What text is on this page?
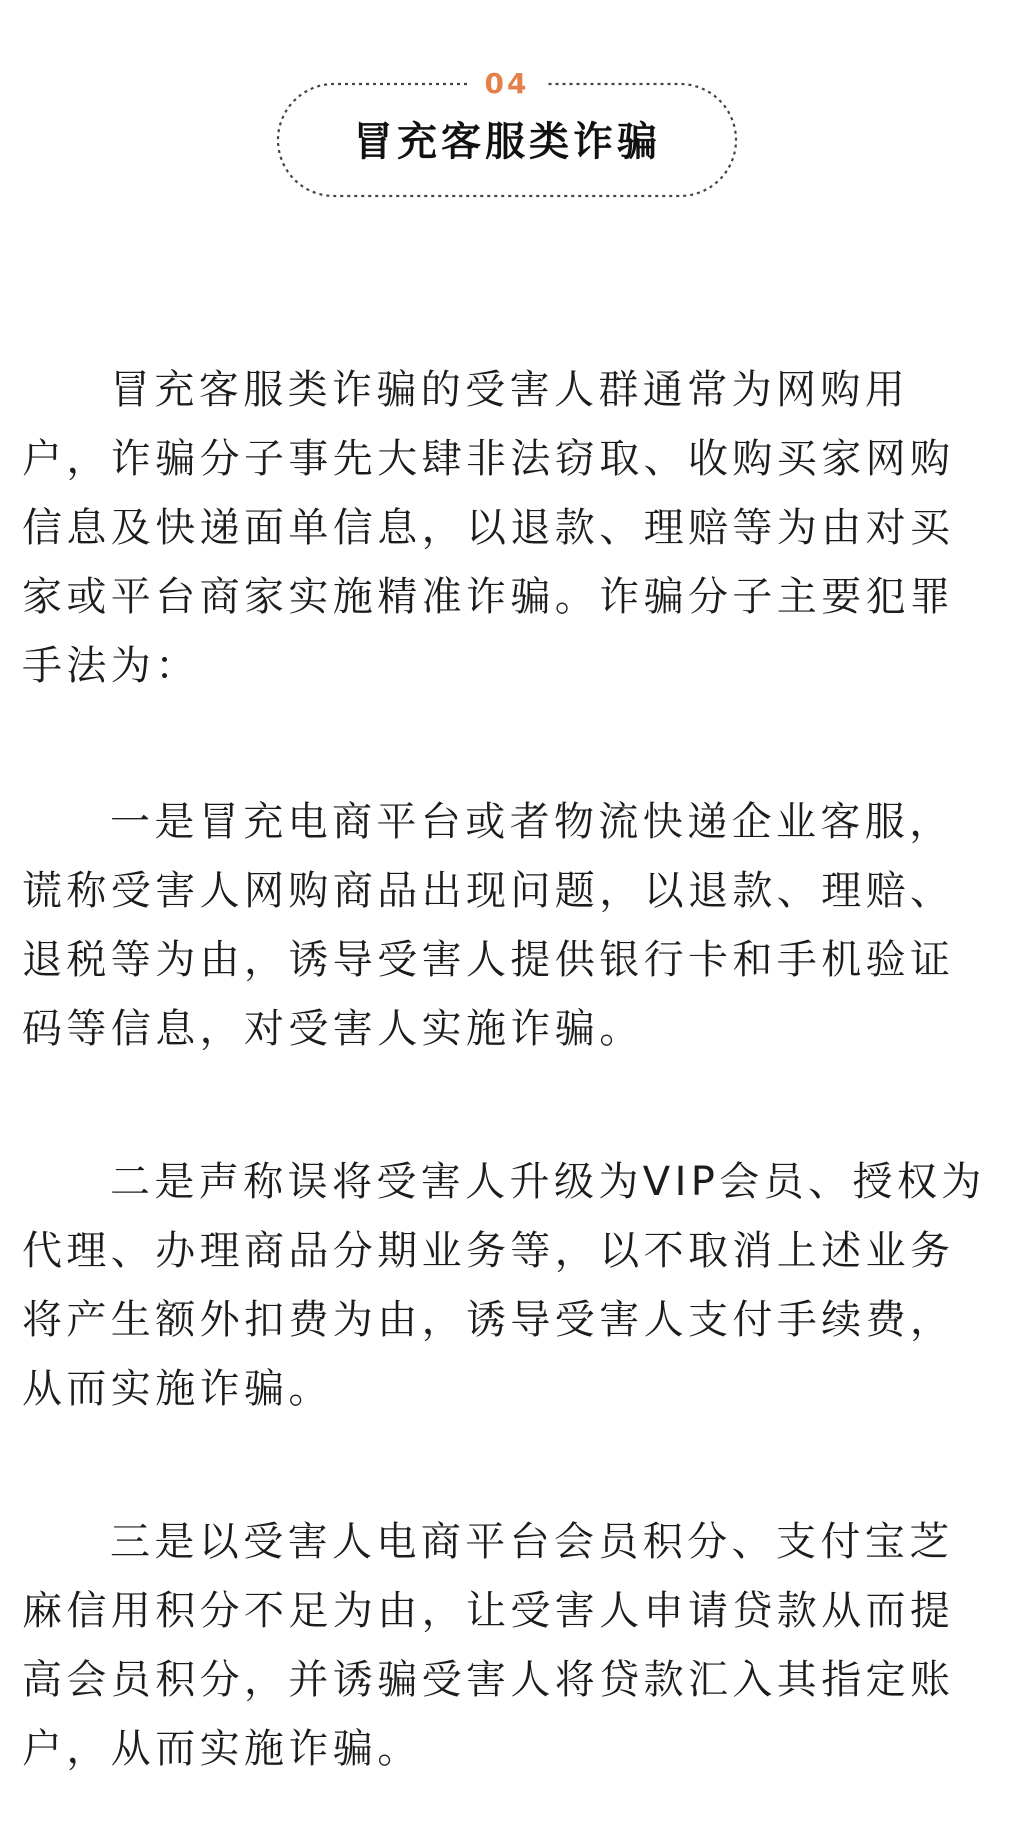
04
冒充客服类诈骗

冒充客服类诈骗的受害人群通常为网购用户，诈骗分子事先大肆非法窃取、收购买家网购信息及快递面单信息，以退款、理赔等为由对买家或平台商家实施精准诈骗。诈骗分子主要犯罪手法为：

一是冒充电商平台或者物流快递企业客服，谎称受害人网购商品出现问题，以退款、理赔、退税等为由，诱导受害人提供银行卡和手机验证码等信息，对受害人实施诈骗。

二是声称误将受害人升级为VIP会员、授权为代理、办理商品分期业务等，以不取消上述业务将产生额外扣费为由，诱导受害人支付手续费，从而实施诈骗。

三是以受害人电商平台会员积分、支付宝芝麻信用积分不足为由，让受害人申请贷款从而提高会员积分，并诱骗受害人将贷款汇入其指定账户，从而实施诈骗。
